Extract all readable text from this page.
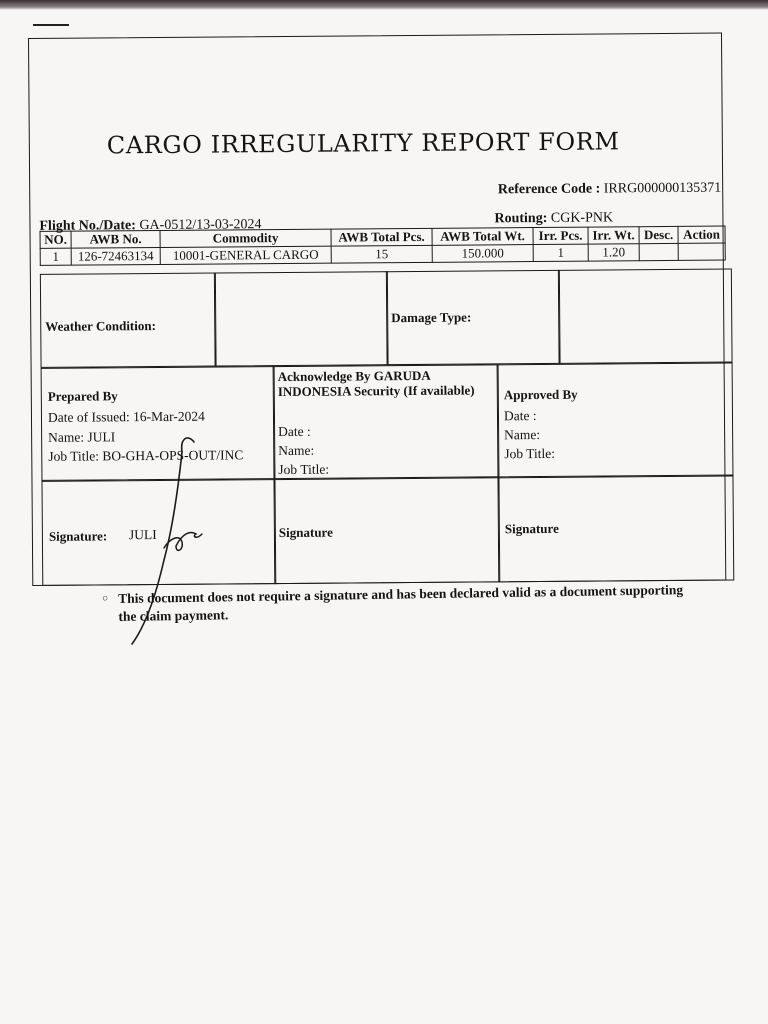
CARGO IRREGULARITY REPORT FORM
Reference Code : IRRG000000135371
Flight No./Date: GA-0512/13-03-2024	Routing: CGK-PNK
NO.	AWB No.	Commodity	AWB Total Pcs.	AWB Total Wt.	Irr. Pcs.	Irr. Wt.	Desc.	Action
1	126-72463134	10001-GENERAL CARGO	15	150.000	1	1.20		
Weather Condition:
Damage Type:
Prepared By
Date of Issued: 16-Mar-2024
Name: JULI
Job Title: BO-GHA-OPS-OUT/INC
Acknowledge By GARUDA INDONESIA Security (If available)
Date :
Name:
Job Title:
Approved By
Date :
Name:
Job Title:
Signature: JULI	Signature	Signature
○ This document does not require a signature and has been declared valid as a document supporting the claim payment.
